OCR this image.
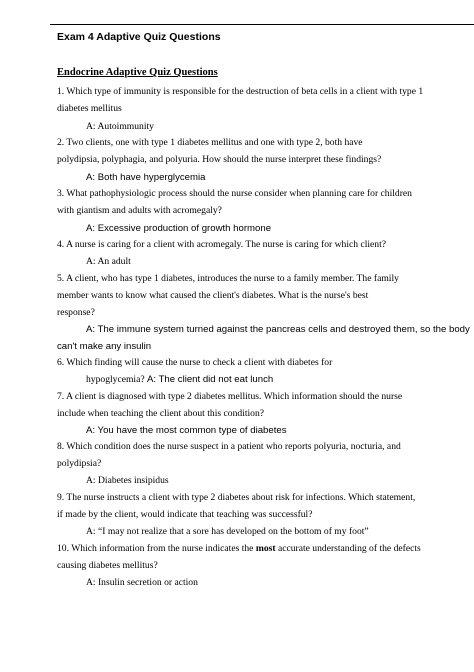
Exam 4 Adaptive Quiz Questions
Endocrine Adaptive Quiz Questions
1. Which type of immunity is responsible for the destruction of beta cells in a client with type 1
diabetes mellitus
A: Autoimmunity
2. Two clients, one with type 1 diabetes mellitus and one with type 2, both have
polydipsia, polyphagia, and polyuria. How should the nurse interpret these findings?
A: Both have hyperglycemia
3. What pathophysiologic process should the nurse consider when planning care for children
with giantism and adults with acromegaly?
A: Excessive production of growth hormone
4. A nurse is caring for a client with acromegaly. The nurse is caring for which client?
A: An adult
5. A client, who has type 1 diabetes, introduces the nurse to a family member. The family
member wants to know what caused the client's diabetes. What is the nurse's best
response?
A: The immune system turned against the pancreas cells and destroyed them, so the body
can't make any insulin
6. Which finding will cause the nurse to check a client with diabetes for
hypoglycemia? A: The client did not eat lunch
7. A client is diagnosed with type 2 diabetes mellitus. Which information should the nurse
include when teaching the client about this condition?
A: You have the most common type of diabetes
8. Which condition does the nurse suspect in a patient who reports polyuria, nocturia, and
polydipsia?
A: Diabetes insipidus
9. The nurse instructs a client with type 2 diabetes about risk for infections. Which statement,
if made by the client, would indicate that teaching was successful?
A: “I may not realize that a sore has developed on the bottom of my foot”
10. Which information from the nurse indicates the most accurate understanding of the defects
causing diabetes mellitus?
A: Insulin secretion or action
